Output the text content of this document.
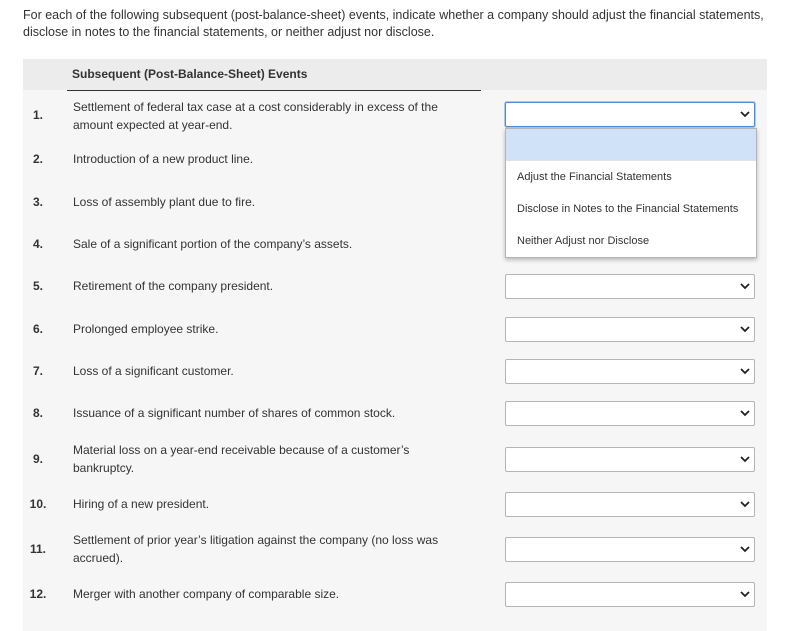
For each of the following subsequent (post-balance-sheet) events, indicate whether a company should adjust the financial statements, disclose in notes to the financial statements, or neither adjust nor disclose.
Subsequent (Post-Balance-Sheet) Events
1.
Settlement of federal tax case at a cost considerably in excess of the amount expected at year-end.
2.	Introduction of a new product line.
3.	Loss of assembly plant due to fire.
4.	Sale of a significant portion of the company’s assets.
5.	Retirement of the company president.
6.	Prolonged employee strike.
7.	Loss of a significant customer.
8.	Issuance of a significant number of shares of common stock.
9.
Material loss on a year-end receivable because of a customer’s bankruptcy.
10.	Hiring of a new president.
11.
Settlement of prior year’s litigation against the company (no loss was accrued).
12.	Merger with another company of comparable size.
Adjust the Financial Statements
Disclose in Notes to the Financial Statements
Neither Adjust nor Disclose
